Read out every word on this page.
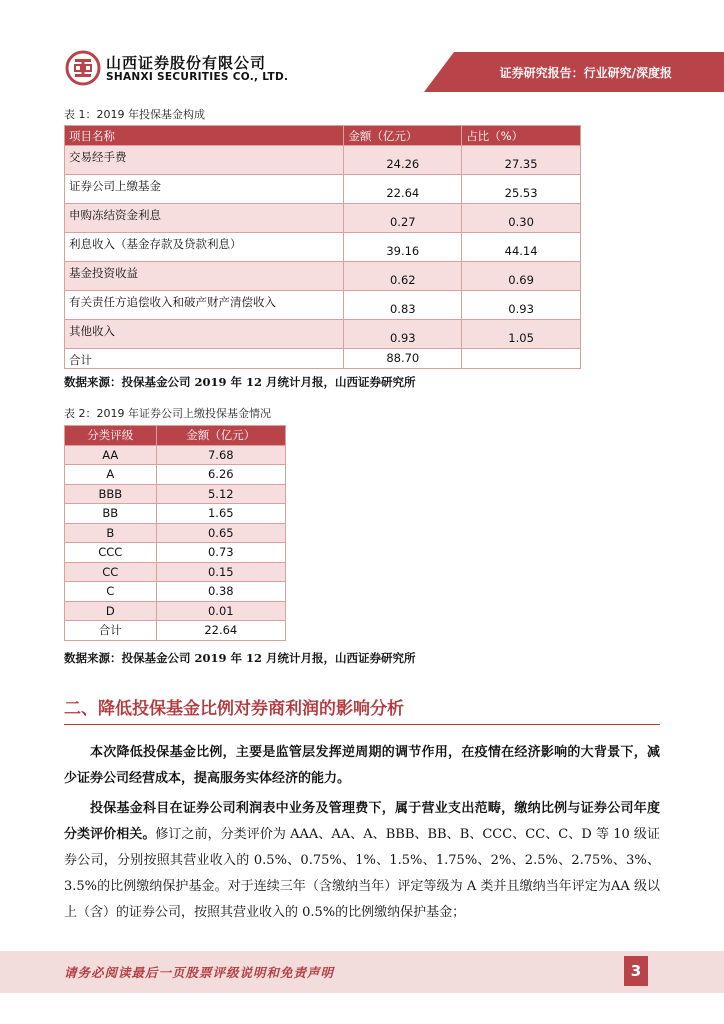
山西证券股份有限公司
SHANXI SECURITIES CO., LTD.	证券研究报告：行业研究/深度报
表 1：2019 年投保基金构成
项目名称	金额（亿元）	占比（%）
交易经手费	24.26	27.35
证券公司上缴基金	22.64	25.53
申购冻结资金利息	0.27	0.30
利息收入（基金存款及贷款利息）	39.16	44.14
基金投资收益	0.62	0.69
有关责任方追偿收入和破产财产清偿收入	0.83	0.93
其他收入	0.93	1.05
合计	88.70	
数据来源：投保基金公司 2019 年 12 月统计月报，山西证券研究所
表 2：2019 年证券公司上缴投保基金情况
分类评级	金额（亿元）
AA	7.68
A	6.26
BBB	5.12
BB	1.65
B	0.65
CCC	0.73
CC	0.15
C	0.38
D	0.01
合计	22.64
数据来源：投保基金公司 2019 年 12 月统计月报，山西证券研究所
二、降低投保基金比例对券商利润的影响分析
本次降低投保基金比例，主要是监管层发挥逆周期的调节作用，在疫情在经济影响的大背景下，减少证券公司经营成本，提高服务实体经济的能力。
投保基金科目在证券公司利润表中业务及管理费下，属于营业支出范畴，缴纳比例与证券公司年度分类评价相关。修订之前，分类评价为 AAA、AA、A、BBB、BB、B、CCC、CC、C、D 等 10 级证券公司，分别按照其营业收入的 0.5%、0.75%、1%、1.5%、1.75%、2%、2.5%、2.75%、3%、3.5%的比例缴纳保护基金。对于连续三年（含缴纳当年）评定等级为 A 类并且缴纳当年评定为AA 级以上（含）的证券公司，按照其营业收入的 0.5%的比例缴纳保护基金；
请务必阅读最后一页股票评级说明和免责声明	3
